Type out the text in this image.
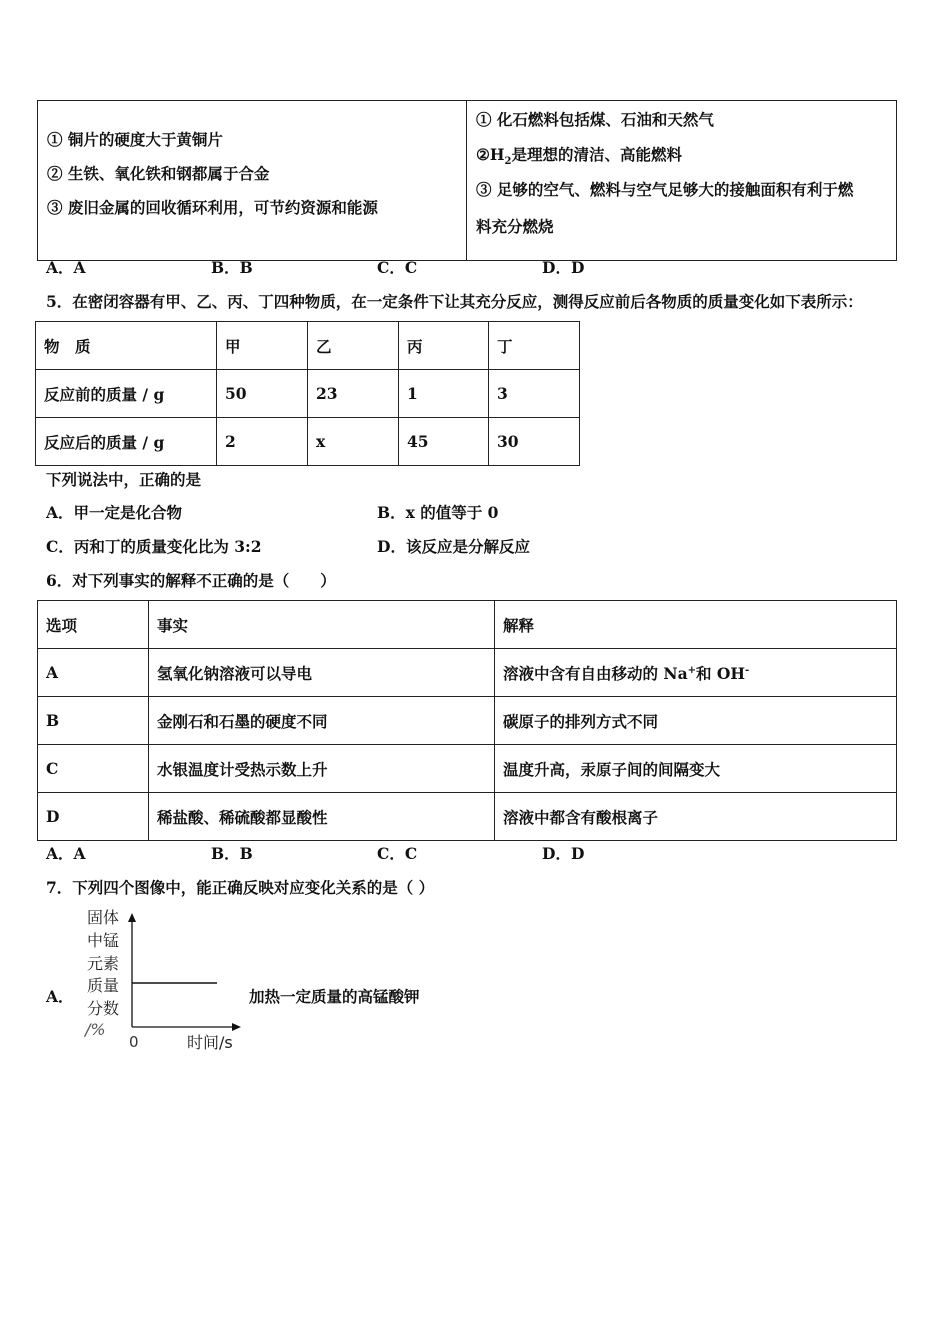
① 铜片的硬度大于黄铜片
② 生铁、氧化铁和钢都属于合金
③ 废旧金属的回收循环利用，可节约资源和能源

① 化石燃料包括煤、石油和天然气
$②H_2$是理想的清洁、高能燃料
③ 足够的空气、燃料与空气足够大的接触面积有利于燃
料充分燃烧
A．A	B．B	C．C	D．D
5．在密闭容器有甲、乙、丙、丁四种物质，在一定条件下让其充分反应，测得反应前后各物质的质量变化如下表所示：
物　质	甲	乙	丙	丁
反应前的质量 / g	50	23	1	3
反应后的质量 / g	2	x	45	30
下列说法中，正确的是
A．甲一定是化合物	B．x 的值等于 0
C．丙和丁的质量变化比为 3:2	D．该反应是分解反应
6．对下列事实的解释不正确的是（　　）
选项	事实	解释
A	氢氧化钠溶液可以导电	溶液中含有自由移动的 Na+和 OH-
B	金刚石和石墨的硬度不同	碳原子的排列方式不同
C	水银温度计受热示数上升	温度升高，汞原子间的间隔变大
D	稀盐酸、稀硫酸都显酸性	溶液中都含有酸根离子
A．A	B．B	C．C	D．D
7．下列四个图像中，能正确反映对应变化关系的是（ ）
A．
固体
中锰
元素
质量
分数
/%
0	时间/s
加热一定质量的高锰酸钾
